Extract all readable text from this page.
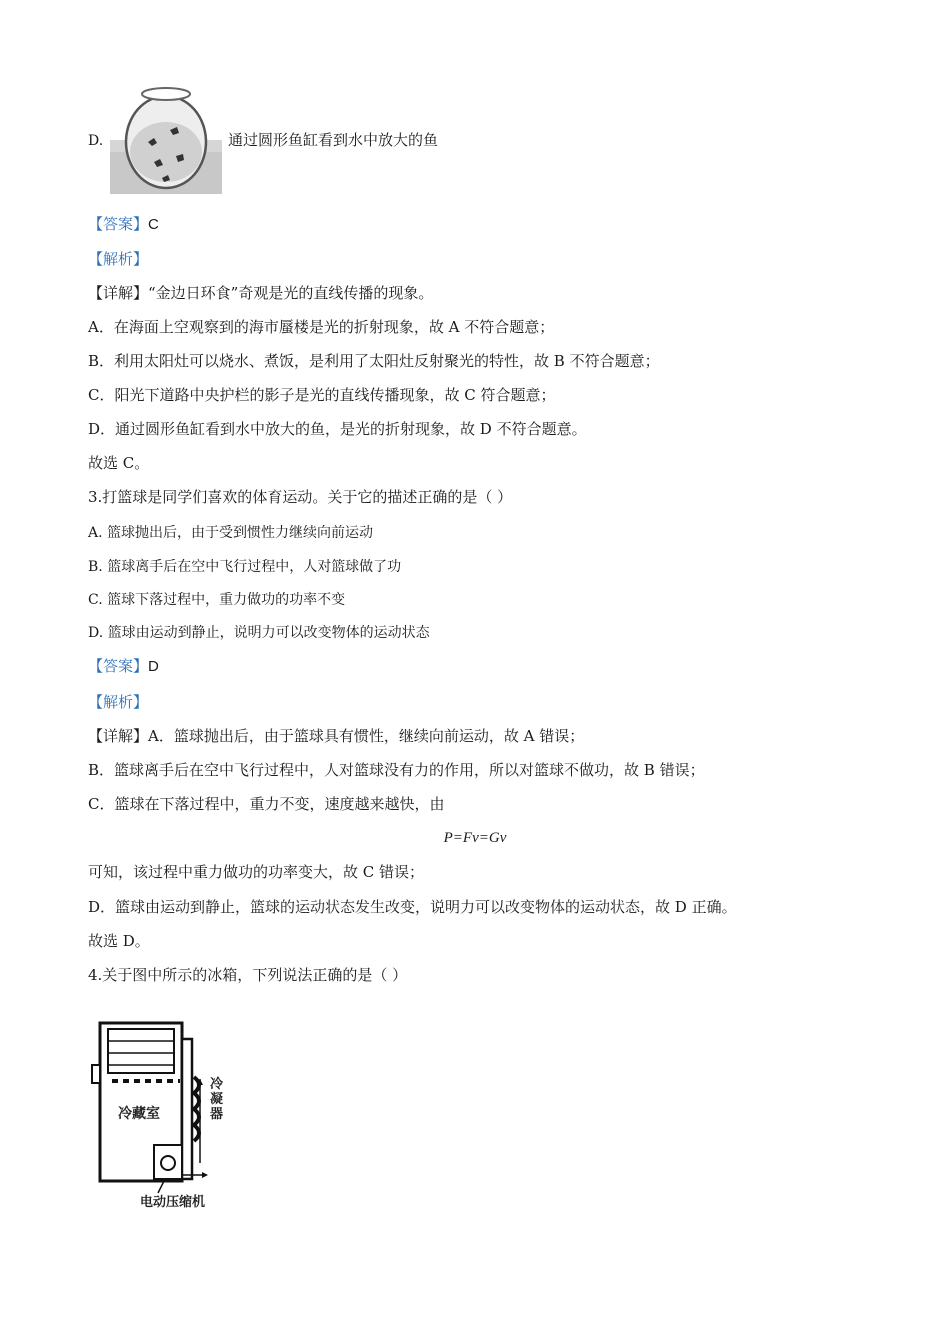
D.	通过圆形鱼缸看到水中放大的鱼
【答案】C
【解析】
【详解】“金边日环食”奇观是光的直线传播的现象。
A．在海面上空观察到的海市蜃楼是光的折射现象，故 A 不符合题意；
B．利用太阳灶可以烧水、煮饭，是利用了太阳灶反射聚光的特性，故 B 不符合题意；
C．阳光下道路中央护栏的影子是光的直线传播现象，故 C 符合题意；
D．通过圆形鱼缸看到水中放大的鱼，是光的折射现象，故 D 不符合题意。
故选 C。
3.打篮球是同学们喜欢的体育运动。关于它的描述正确的是（ ）
A. 篮球抛出后，由于受到惯性力继续向前运动
B. 篮球离手后在空中飞行过程中，人对篮球做了功
C. 篮球下落过程中，重力做功的功率不变
D. 篮球由运动到静止，说明力可以改变物体的运动状态
【答案】D
【解析】
【详解】A．篮球抛出后，由于篮球具有惯性，继续向前运动，故 A 错误；
B．篮球离手后在空中飞行过程中，人对篮球没有力的作用，所以对篮球不做功，故 B 错误；
C．篮球在下落过程中，重力不变，速度越来越快，由
P=Fv=Gv
可知，该过程中重力做功的功率变大，故 C 错误；
D．篮球由运动到静止，篮球的运动状态发生改变，说明力可以改变物体的运动状态，故 D 正确。
故选 D。
4.关于图中所示的冰箱，下列说法正确的是（ ）
冷藏室
冷凝器
电动压缩机
